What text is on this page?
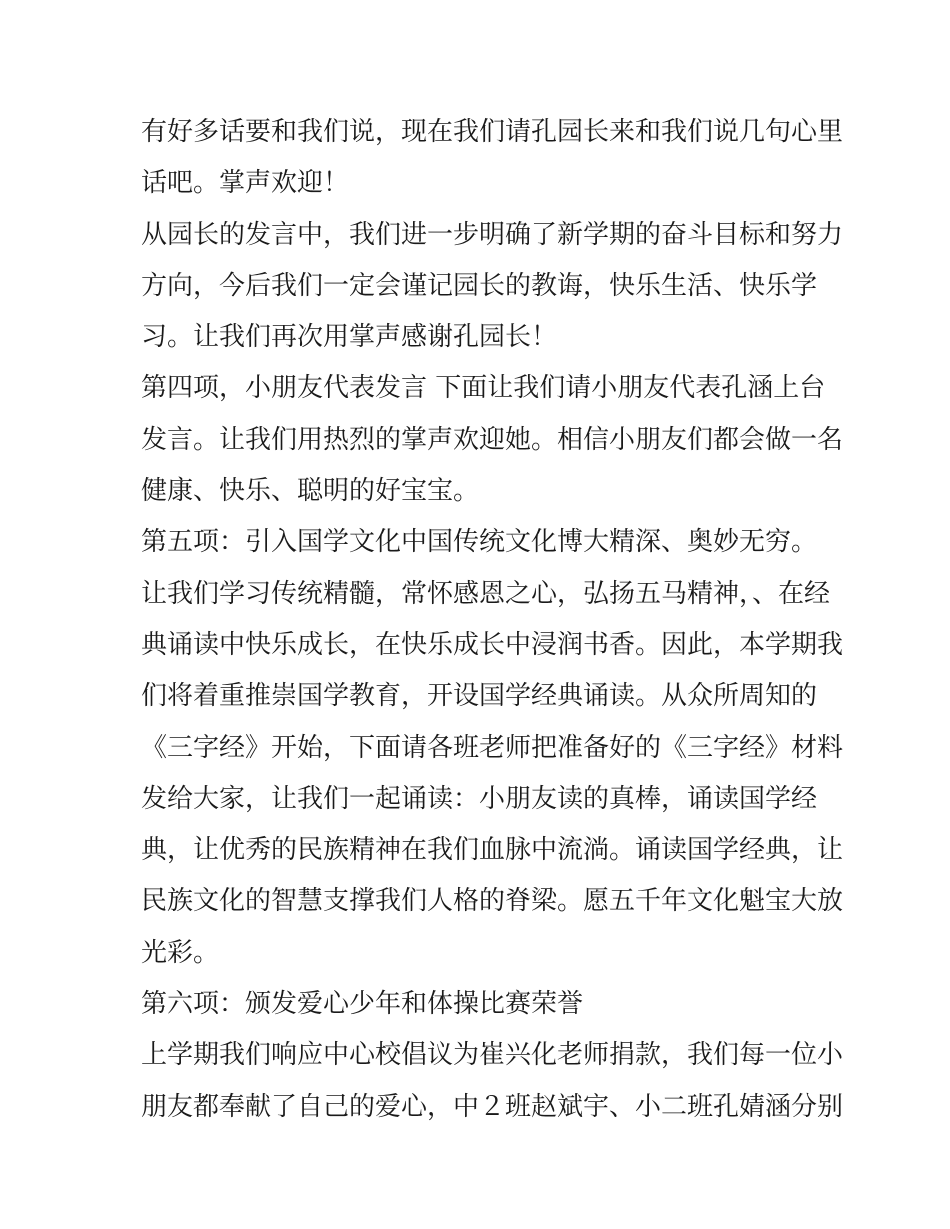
有好多话要和我们说，现在我们请孔园长来和我们说几句心里
话吧。掌声欢迎！
从园长的发言中，我们进一步明确了新学期的奋斗目标和努力
方向，今后我们一定会谨记园长的教诲，快乐生活、快乐学
习。让我们再次用掌声感谢孔园长！
第四项，小朋友代表发言 下面让我们请小朋友代表孔涵上台
发言。让我们用热烈的掌声欢迎她。相信小朋友们都会做一名
健康、快乐、聪明的好宝宝。
第五项：引入国学文化中国传统文化博大精深、奥妙无穷。
让我们学习传统精髓，常怀感恩之心，弘扬五马精神，、在经
典诵读中快乐成长，在快乐成长中浸润书香。因此，本学期我
们将着重推崇国学教育，开设国学经典诵读。从众所周知的
《三字经》开始，下面请各班老师把准备好的《三字经》材料
发给大家，让我们一起诵读：小朋友读的真棒，诵读国学经
典，让优秀的民族精神在我们血脉中流淌。诵读国学经典，让
民族文化的智慧支撑我们人格的脊梁。愿五千年文化魁宝大放
光彩。
第六项：颁发爱心少年和体操比赛荣誉
上学期我们响应中心校倡议为崔兴化老师捐款，我们每一位小
朋友都奉献了自己的爱心，中２班赵斌宇、小二班孔婧涵分别
